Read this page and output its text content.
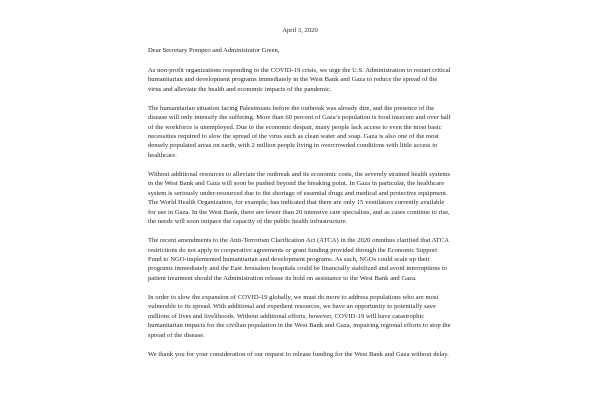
April 3, 2020
Dear Secretary Pompeo and Administrator Green,

As non-profit organizations responding to the COVID-19 crisis, we urge the U.S. Administration to restart critical humanitarian and development programs immediately in the West Bank and Gaza to reduce the spread of the virus and alleviate the health and economic impacts of the pandemic.

The humanitarian situation facing Palestinians before the outbreak was already dire, and the presence of the disease will only intensify the suffering. More than 60 percent of Gaza’s population is food insecure and over half of the workforce is unemployed. Due to the economic despair, many people lack access to even the most basic necessities required to slow the spread of the virus such as clean water and soap. Gaza is also one of the most densely populated areas on earth, with 2 million people living in overcrowded conditions with little access to healthcare.

Without additional resources to alleviate the outbreak and its economic costs, the severely strained health systems in the West Bank and Gaza will soon be pushed beyond the breaking point. In Gaza in particular, the healthcare system is seriously under-resourced due to the shortage of essential drugs and medical and protective equipment. The World Health Organization, for example, has indicated that there are only 15 ventilators currently available for use in Gaza. In the West Bank, there are fewer than 20 intensive care specialists, and as cases continue to rise, the needs will soon outpace the capacity of the public health infrastructure.

The recent amendments to the Anti-Terrorism Clarification Act (ATCA) in the 2020 omnibus clarified that ATCA restrictions do not apply to cooperative agreements or grant funding provided through the Economic Support Fund to NGO-implemented humanitarian and development programs. As such, NGOs could scale up their programs immediately and the East Jerusalem hospitals could be financially stabilized and avoid interruptions to patient treatment should the Administration release its hold on assistance to the West Bank and Gaza.

In order to slow the expansion of COVID-19 globally, we must do more to address populations who are most vulnerable to its spread. With additional and expedient resources, we have an opportunity to potentially save millions of lives and livelihoods. Without additional efforts, however, COVID-19 will have catastrophic humanitarian impacts for the civilian population in the West Bank and Gaza, impairing regional efforts to stop the spread of the disease.

We thank you for your consideration of our request to release funding for the West Bank and Gaza without delay.
